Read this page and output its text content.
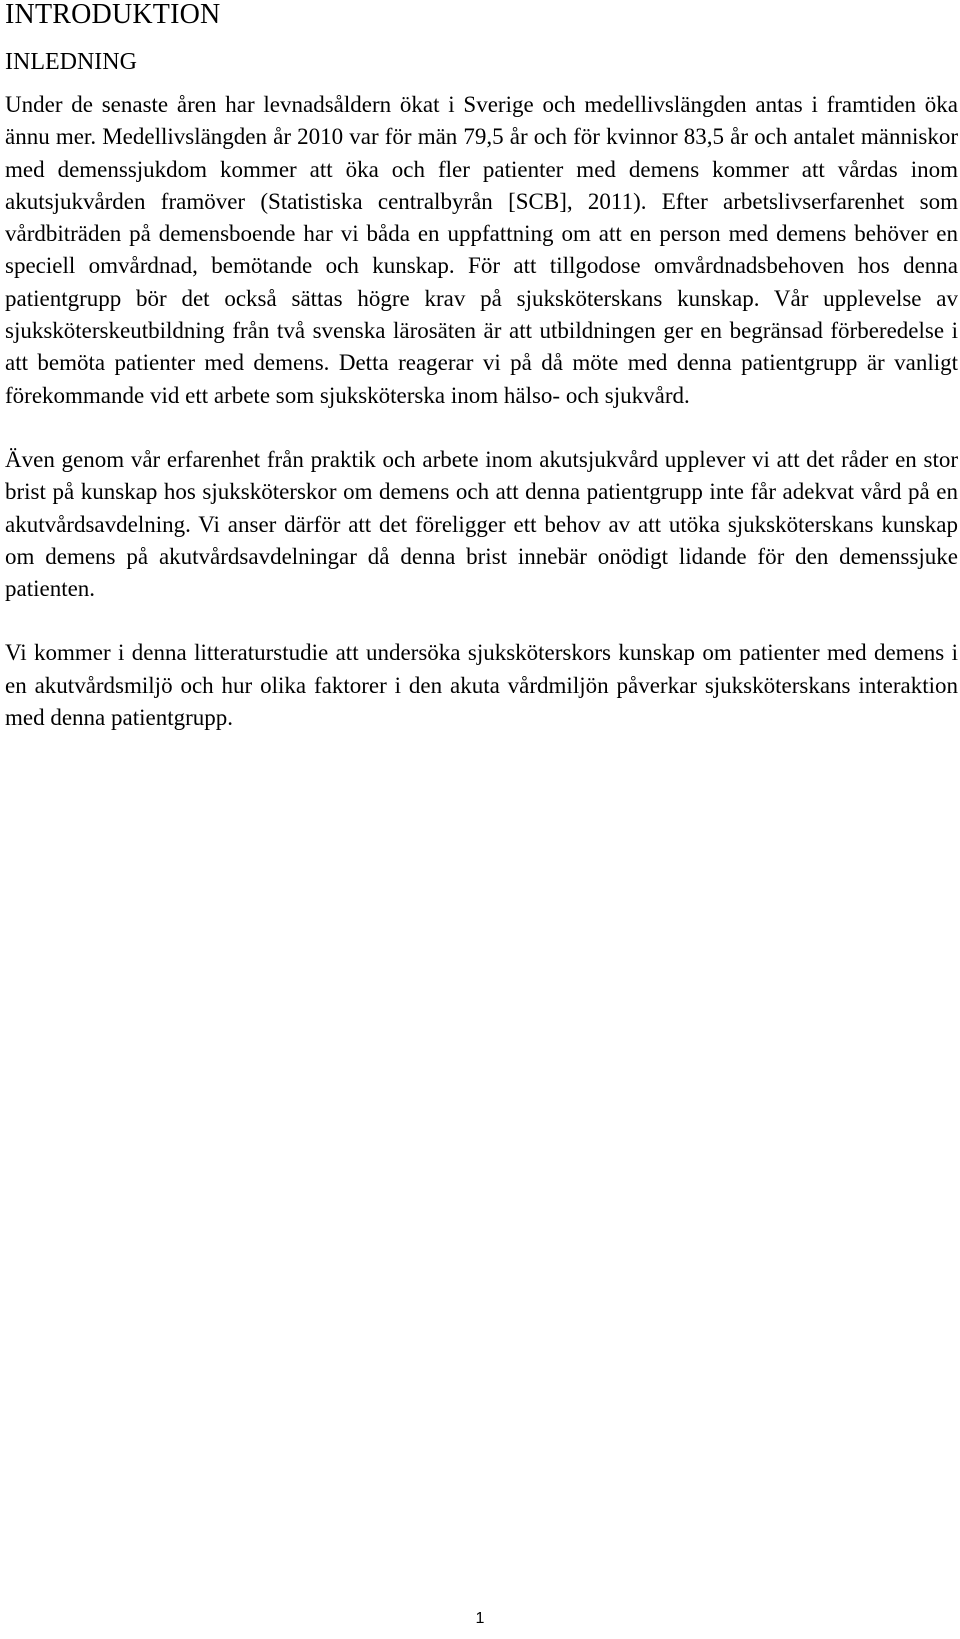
INTRODUKTION
INLEDNING

Under de senaste åren har levnadsåldern ökat i Sverige och medellivslängden antas i framtiden öka ännu mer. Medellivslängden år 2010 var för män 79,5 år och för kvinnor 83,5 år och antalet människor med demenssjukdom kommer att öka och fler patienter med demens kommer att vårdas inom akutsjukvården framöver (Statistiska centralbyrån [SCB], 2011). Efter arbetslivserfarenhet som vårdbiträden på demensboende har vi båda en uppfattning om att en person med demens behöver en speciell omvårdnad, bemötande och kunskap. För att tillgodose omvårdnadsbehoven hos denna patientgrupp bör det också sättas högre krav på sjuksköterskans kunskap. Vår upplevelse av sjuksköterskeutbildning från två svenska lärosäten är att utbildningen ger en begränsad förberedelse i att bemöta patienter med demens. Detta reagerar vi på då möte med denna patientgrupp är vanligt förekommande vid ett arbete som sjuksköterska inom hälso- och sjukvård.

Även genom vår erfarenhet från praktik och arbete inom akutsjukvård upplever vi att det råder en stor brist på kunskap hos sjuksköterskor om demens och att denna patientgrupp inte får adekvat vård på en akutvårdsavdelning. Vi anser därför att det föreligger ett behov av att utöka sjuksköterskans kunskap om demens på akutvårdsavdelningar då denna brist innebär onödigt lidande för den demenssjuke patienten.

Vi kommer i denna litteraturstudie att undersöka sjuksköterskors kunskap om patienter med demens i en akutvårdsmiljö och hur olika faktorer i den akuta vårdmiljön påverkar sjuksköterskans interaktion med denna patientgrupp.

1
